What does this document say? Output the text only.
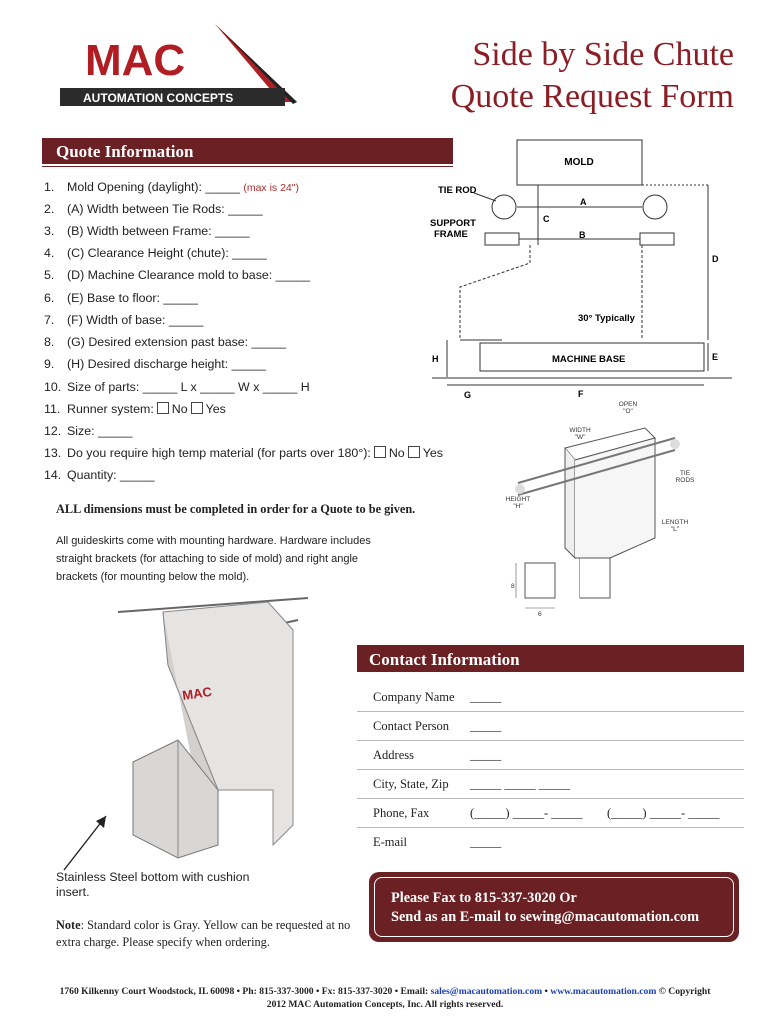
MAC
AUTOMATION CONCEPTS
Side by Side Chute
Quote Request Form
Quote Information
1. Mold Opening (daylight): _____ (max is 24")
2. (A) Width between Tie Rods: _____
3. (B) Width between Frame: _____
4. (C) Clearance Height (chute): _____
5. (D) Machine Clearance mold to base: _____
6. (E) Base to floor: _____
7. (F) Width of base: _____
8. (G) Desired extension past base: _____
9. (H) Desired discharge height: _____
10. Size of parts: _____ L x _____ W x _____ H
11. Runner system: No Yes
12. Size: _____
13. Do you require high temp material (for parts over 180°): No Yes
14. Quantity: _____
ALL dimensions must be completed in order for a Quote to be given.
All guideskirts come with mounting hardware. Hardware includes straight brackets (for attaching to side of mold) and right angle brackets (for mounting below the mold).
MOLD
TIE ROD
A
SUPPORT
FRAME	B
C
D
30° Typically
MACHINE BASE
H	E
G	F
OPEN
"O"
WIDTH
"W"
TIE
RODS
HEIGHT
"H"
LENGTH
"L"
8
6
MAC
Stainless Steel bottom with cushion insert.
Note: Standard color is Gray. Yellow can be requested at no extra charge. Please specify when ordering.
Contact Information
Company Name _____
Contact Person _____
Address	_____
City, State, Zip _____ _____ _____
Phone, Fax	(_____) _____- _____ (_____) _____- _____
E-mail	_____
Please Fax to 815-337-3020 Or
Send as an E-mail to sewing@macautomation.com
1760 Kilkenny Court Woodstock, IL 60098 • Ph: 815-337-3000 • Fx: 815-337-3020 • Email: sales@macautomation.com • www.macautomation.com © Copyright
2012 MAC Automation Concepts, Inc. All rights reserved.
